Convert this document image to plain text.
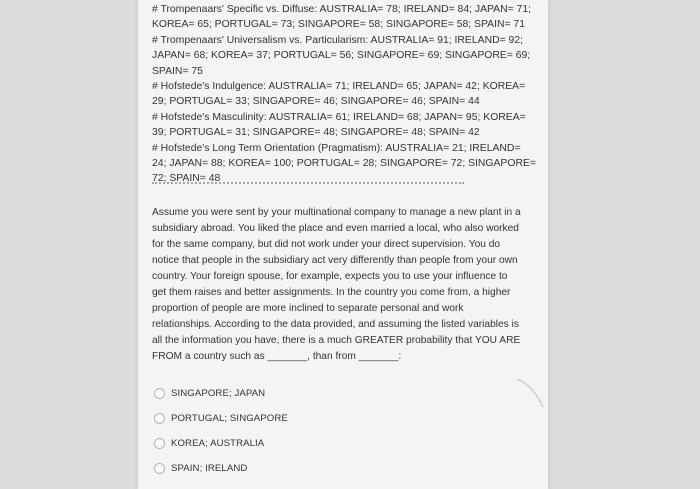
# Trompenaars' Specific vs. Diffuse: AUSTRALIA= 78; IRELAND= 84; JAPAN= 71;

KOREA= 65; PORTUGAL= 73; SINGAPORE= 58; SINGAPORE= 58; SPAIN= 71

# Trompenaars' Universalism vs. Particularism: AUSTRALIA= 91; IRELAND= 92;

JAPAN= 68; KOREA= 37; PORTUGAL= 56; SINGAPORE= 69; SINGAPORE= 69;

SPAIN= 75

# Hofstede's Indulgence: AUSTRALIA= 71; IRELAND= 65; JAPAN= 42; KOREA=

29; PORTUGAL= 33; SINGAPORE= 46; SINGAPORE= 46; SPAIN= 44

# Hofstede's Masculinity: AUSTRALIA= 61; IRELAND= 68; JAPAN= 95; KOREA=

39; PORTUGAL= 31; SINGAPORE= 48; SINGAPORE= 48; SPAIN= 42

# Hofstede's Long Term Orientation (Pragmatism): AUSTRALIA= 21; IRELAND=

24; JAPAN= 88; KOREA= 100; PORTUGAL= 28; SINGAPORE= 72; SINGAPORE=

72; SPAIN= 48

Assume you were sent by your multinational company to manage a new plant in a

subsidiary abroad. You liked the place and even married a local, who also worked

for the same company, but did not work under your direct supervision. You do

notice that people in the subsidiary act very differently than people from your own

country. Your foreign spouse, for example, expects you to use your influence to

get them raises and better assignments. In the country you come from, a higher

proportion of people are more inclined to separate personal and work

relationships. According to the data provided, and assuming the listed variables is

all the information you have, there is a much GREATER probability that YOU ARE

FROM a country such as _______, than from _______:

SINGAPORE; JAPAN
PORTUGAL; SINGAPORE
KOREA; AUSTRALIA
SPAIN; IRELAND
